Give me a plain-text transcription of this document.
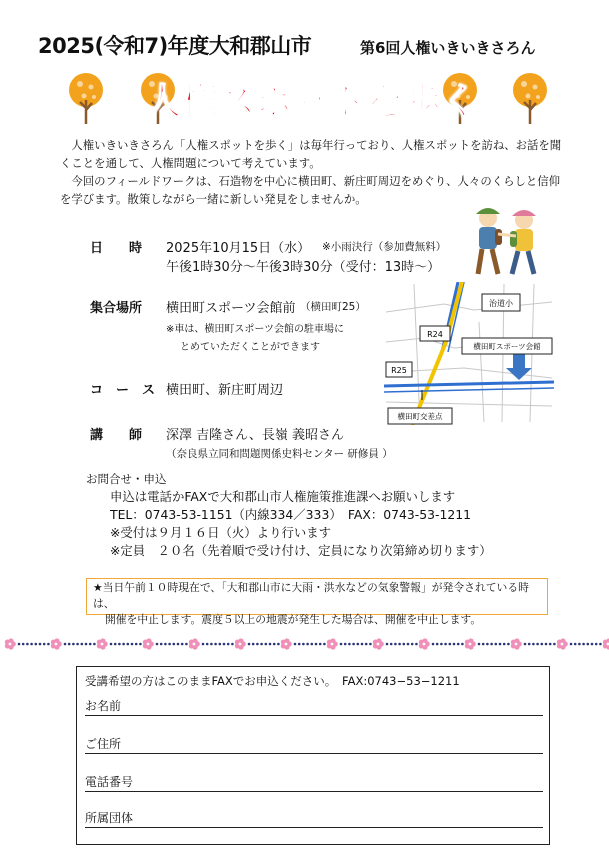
2025(令和7)年度大和郡山市	第6回人権いきいきさろん
人権スポットを歩く
人権いきいきさろん「人権スポットを歩く」は毎年行っており、人権スポットを訪ね、お話を聞くことを通して、人権問題について考えています。
今回のフィールドワークは、石造物を中心に横田町、新庄町周辺をめぐり、人々のくらしと信仰を学びます。散策しながら一緒に新しい発見をしませんか。
日　　時 2025年10月15日（水） ※小雨決行（参加費無料）
午後1時30分～午後3時30分（受付：13時～）
集合場所 横田町スポーツ会館前 （横田町25）
※車は、横田町スポーツ会館の駐車場に
とめていただくことができます
コ　ー　ス 横田町、新庄町周辺
講　　師 深澤 吉隆さん、長嶺 義昭さん
（奈良県立同和問題関係史料センター 研修員 ）
治道小
R24
横田町スポーツ会館
R25
横田町交差点
お問合せ・申込
申込は電話かFAXで大和郡山市人権施策推進課へお願いします
TEL：0743-53-1151（内線334／333）　FAX：0743-53-1211
※受付は９月１６日（火）より行います
※定員　２０名（先着順で受け付け、定員になり次第締め切ります）
★当日午前１０時現在で、「大和郡山市に大雨・洪水などの気象警報」が発令されている時は、
開催を中止します。震度５以上の地震が発生した場合は、開催を中止します。
受講希望の方はこのままFAXでお申込ください。　FAX:0743−53−1211
お名前
ご住所
電話番号
所属団体
